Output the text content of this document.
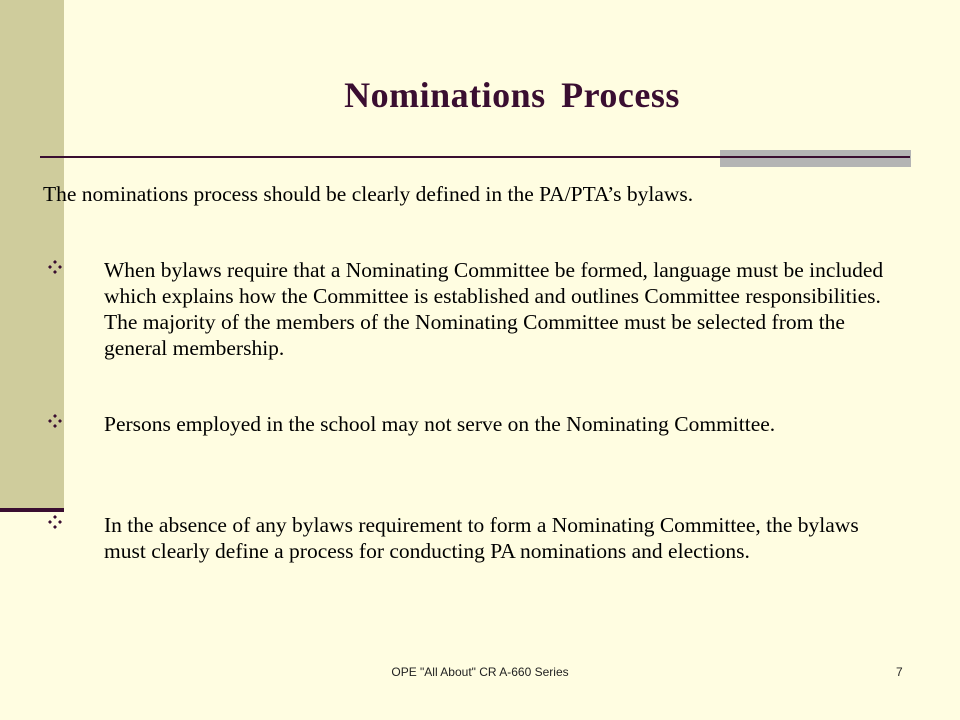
Nominations Process
The nominations process should be clearly defined in the PA/PTA’s bylaws.
When bylaws require that a Nominating Committee be formed, language must be included which explains how the Committee is established and outlines Committee responsibilities. The majority of the members of the Nominating Committee must be selected from the general membership.
Persons employed in the school may not serve on the Nominating Committee.
In the absence of any bylaws requirement to form a Nominating Committee, the bylaws must clearly define a process for conducting PA nominations and elections.
OPE "All About" CR A-660 Series	7
